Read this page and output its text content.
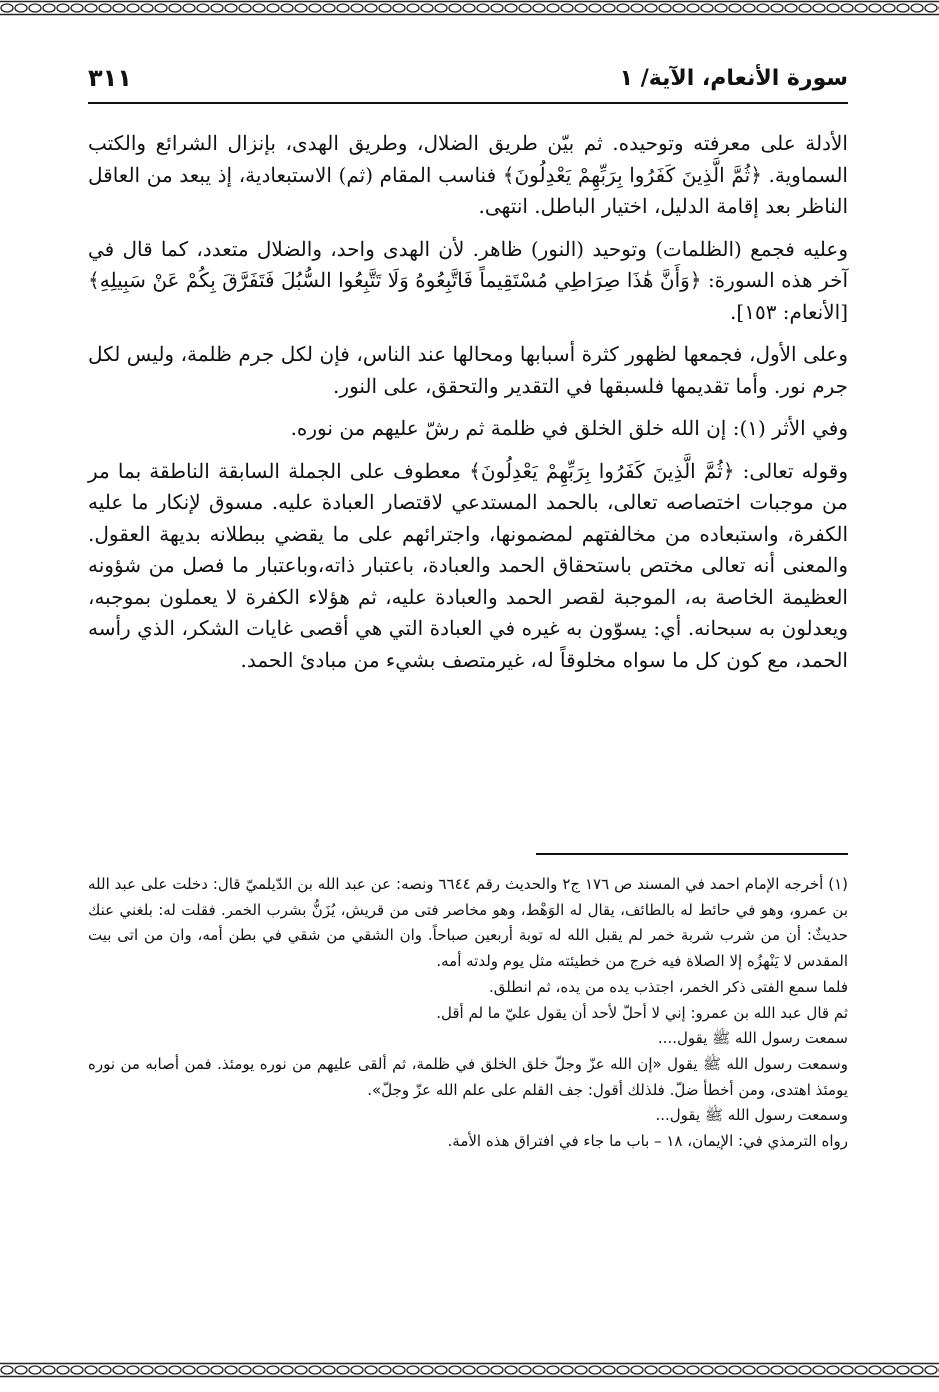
سورة الأنعام، الآية/ ١
٣١١

الأدلة على معرفته وتوحيده. ثم بيّن طريق الضلال، وطريق الهدى، بإنزال الشرائع والكتب السماوية. ﴿ثُمَّ الَّذِينَ كَفَرُوا بِرَبِّهِمْ يَعْدِلُونَ﴾ فناسب المقام (ثم) الاستبعادية، إذ يبعد من العاقل الناظر بعد إقامة الدليل، اختيار الباطل. انتهى.

وعليه فجمع (الظلمات) وتوحيد (النور) ظاهر. لأن الهدى واحد، والضلال متعدد، كما قال في آخر هذه السورة: ﴿وَأَنَّ هَٰذَا صِرَاطِي مُسْتَقِيماً فَاتَّبِعُوهُ وَلَا تَتَّبِعُوا السُّبُلَ فَتَفَرَّقَ بِكُمْ عَنْ سَبِيلِهِ﴾ [الأنعام: ١٥٣].

وعلى الأول، فجمعها لظهور كثرة أسبابها ومحالها عند الناس، فإن لكل جرم ظلمة، وليس لكل جرم نور. وأما تقديمها فلسبقها في التقدير والتحقق، على النور.

وفي الأثر (١): إن الله خلق الخلق في ظلمة ثم رشّ عليهم من نوره.

وقوله تعالى: ﴿ثُمَّ الَّذِينَ كَفَرُوا بِرَبِّهِمْ يَعْدِلُونَ﴾ معطوف على الجملة السابقة الناطقة بما مر من موجبات اختصاصه تعالى، بالحمد المستدعي لاقتصار العبادة عليه. مسوق لإنكار ما عليه الكفرة، واستبعاده من مخالفتهم لمضمونها، واجترائهم على ما يقضي ببطلانه بديهة العقول. والمعنى أنه تعالى مختص باستحقاق الحمد والعبادة، باعتبار ذاته،وباعتبار ما فصل من شؤونه العظيمة الخاصة به، الموجبة لقصر الحمد والعبادة عليه، ثم هؤلاء الكفرة لا يعملون بموجبه، ويعدلون به سبحانه. أي: يسوّون به غيره في العبادة التي هي أقصى غايات الشكر، الذي رأسه الحمد، مع كون كل ما سواه مخلوقاً له، غيرمتصف بشيء من مبادئ الحمد.

(١) أخرجه الإمام احمد في المسند ص ١٧٦ ج٢ والحديث رقم ٦٦٤٤ ونصه: عن عبد الله بن الدّيلميّ قال: دخلت على عبد الله بن عمرو، وهو في حائط له بالطائف، يقال له الوَهْط، وهو مخاصر فتى من قريش، يُزَنُّ بشرب الخمر. فقلت له: بلغني عنك حديثٌ: أن من شرب شربة خمر لم يقبل الله له توبة أربعين صباحاً. وان الشقي من شقي في بطن أمه، وان من اتى بيت المقدس لا يَنْهزُه إلا الصلاة فيه خرج من خطيئته مثل يوم ولدته أمه.

فلما سمع الفتى ذكر الخمر، اجتذب يده من يده، ثم انطلق.

ثم قال عبد الله بن عمرو: إني لا أحلّ لأحد أن يقول عليّ ما لم أقل.

سمعت رسول الله ﷺ يقول....

وسمعت رسول الله ﷺ يقول «إن الله عزّ وجلّ خلق الخلق في ظلمة، ثم ألقى عليهم من نوره يومئذ. فمن أصابه من نوره يومئذ اهتدى، ومن أخطأ ضلّ. فلذلك أقول: جف القلم على علم الله عزّ وجلّ».

وسمعت رسول الله ﷺ يقول...

رواه الترمذي في: الإيمان، ١٨ – باب ما جاء في افتراق هذه الأمة.
